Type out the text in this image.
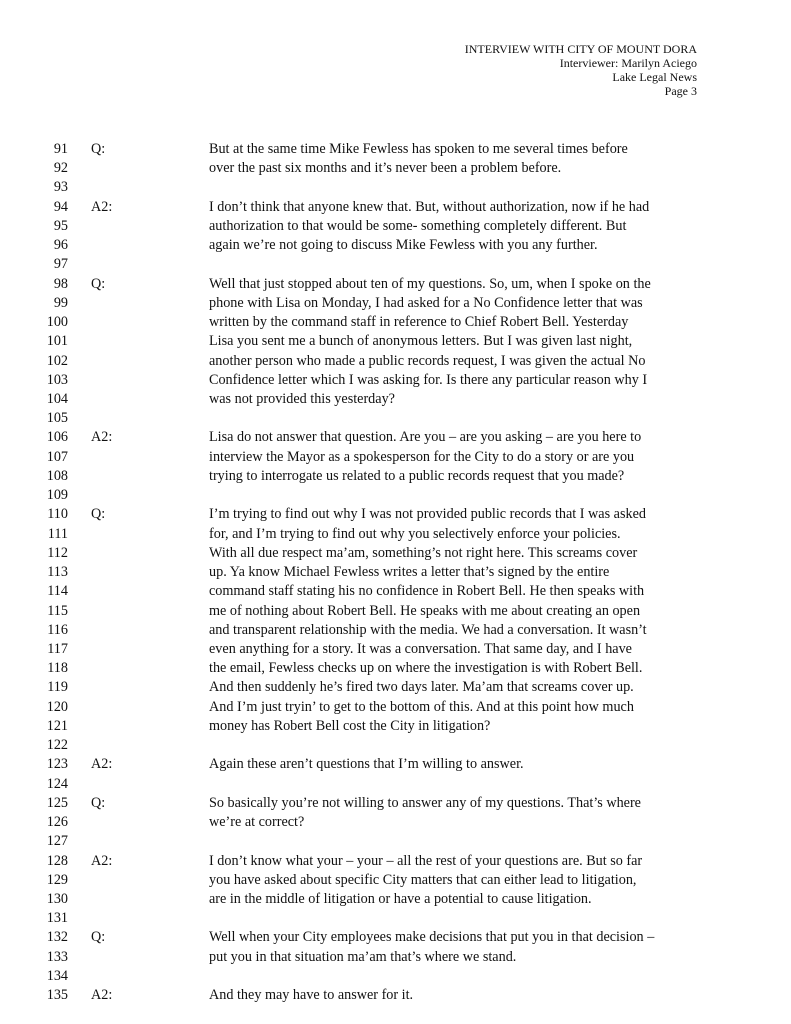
INTERVIEW WITH CITY OF MOUNT DORA
Interviewer: Marilyn Aciego
Lake Legal News
Page 3
91 Q:	But at the same time Mike Fewless has spoken to me several times before
92	over the past six months and it’s never been a problem before.
93
94 A2:	I don’t think that anyone knew that. But, without authorization, now if he had
95	authorization to that would be some- something completely different. But
96	again we’re not going to discuss Mike Fewless with you any further.
97
98 Q:	Well that just stopped about ten of my questions. So, um, when I spoke on the
99	phone with Lisa on Monday, I had asked for a No Confidence letter that was
100	written by the command staff in reference to Chief Robert Bell. Yesterday
101	Lisa you sent me a bunch of anonymous letters. But I was given last night,
102	another person who made a public records request, I was given the actual No
103	Confidence letter which I was asking for. Is there any particular reason why I
104	was not provided this yesterday?
105
106 A2:	Lisa do not answer that question. Are you – are you asking – are you here to
107	interview the Mayor as a spokesperson for the City to do a story or are you
108	trying to interrogate us related to a public records request that you made?
109
110 Q:	I’m trying to find out why I was not provided public records that I was asked
111	for, and I’m trying to find out why you selectively enforce your policies.
112	With all due respect ma’am, something’s not right here. This screams cover
113	up. Ya know Michael Fewless writes a letter that’s signed by the entire
114	command staff stating his no confidence in Robert Bell. He then speaks with
115	me of nothing about Robert Bell. He speaks with me about creating an open
116	and transparent relationship with the media. We had a conversation. It wasn’t
117	even anything for a story. It was a conversation. That same day, and I have
118	the email, Fewless checks up on where the investigation is with Robert Bell.
119	And then suddenly he’s fired two days later. Ma’am that screams cover up.
120	And I’m just tryin’ to get to the bottom of this. And at this point how much
121	money has Robert Bell cost the City in litigation?
122
123 A2:	Again these aren’t questions that I’m willing to answer.
124
125 Q:	So basically you’re not willing to answer any of my questions. That’s where
126	we’re at correct?
127
128 A2:	I don’t know what your – your – all the rest of your questions are. But so far
129	you have asked about specific City matters that can either lead to litigation,
130	are in the middle of litigation or have a potential to cause litigation.
131
132 Q:	Well when your City employees make decisions that put you in that decision –
133	put you in that situation ma’am that’s where we stand.
134
135 A2:	And they may have to answer for it.
